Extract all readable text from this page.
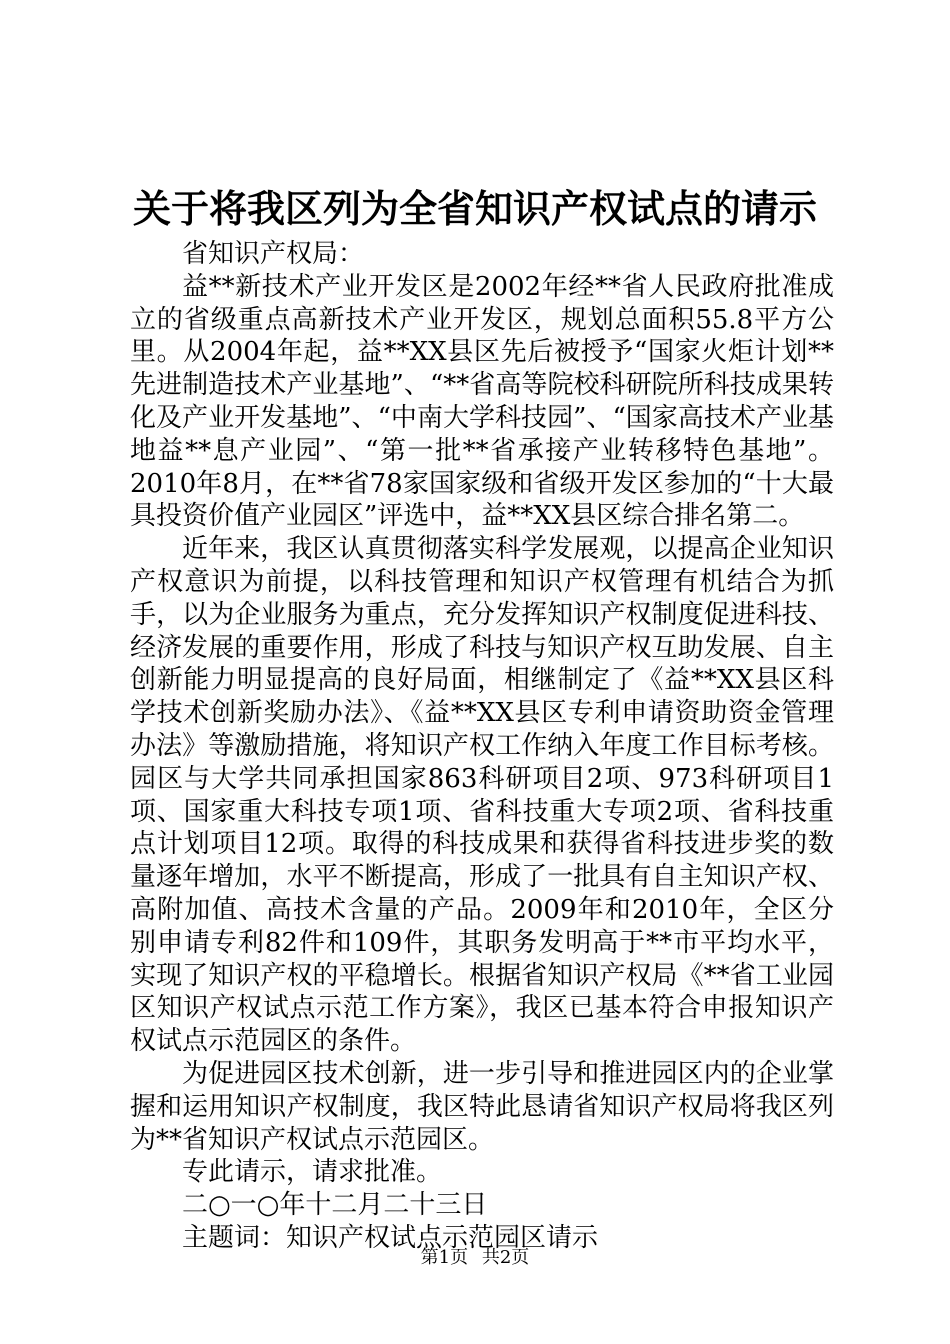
关于将我区列为全省知识产权试点的请示

省知识产权局：

益**新技术产业开发区是2002年经**省人民政府批准成立的省级重点高新技术产业开发区，规划总面积55.8平方公里。从2004年起，益**XX县区先后被授予“国家火炬计划**先进制造技术产业基地”、“**省高等院校科研院所科技成果转化及产业开发基地”、“中南大学科技园”、“国家高技术产业基地益**息产业园”、“第一批**省承接产业转移特色基地”。2010年8月，在**省78家国家级和省级开发区参加的“十大最具投资价值产业园区”评选中，益**XX县区综合排名第二。

近年来，我区认真贯彻落实科学发展观，以提高企业知识产权意识为前提，以科技管理和知识产权管理有机结合为抓手，以为企业服务为重点，充分发挥知识产权制度促进科技、经济发展的重要作用，形成了科技与知识产权互助发展、自主创新能力明显提高的良好局面，相继制定了《益**XX县区科学技术创新奖励办法》、《益**XX县区专利申请资助资金管理办法》等激励措施，将知识产权工作纳入年度工作目标考核。园区与大学共同承担国家863科研项目2项、973科研项目1项、国家重大科技专项1项、省科技重大专项2项、省科技重点计划项目12项。取得的科技成果和获得省科技进步奖的数量逐年增加，水平不断提高，形成了一批具有自主知识产权、高附加值、高技术含量的产品。2009年和2010年，全区分别申请专利82件和109件，其职务发明高于**市平均水平，实现了知识产权的平稳增长。根据省知识产权局《**省工业园区知识产权试点示范工作方案》，我区已基本符合申报知识产权试点示范园区的条件。

为促进园区技术创新，进一步引导和推进园区内的企业掌握和运用知识产权制度，我区特此恳请省知识产权局将我区列为**省知识产权试点示范园区。

专此请示，请求批准。

二○一○年十二月二十三日

主题词：知识产权试点示范园区请示

第1页 共2页
